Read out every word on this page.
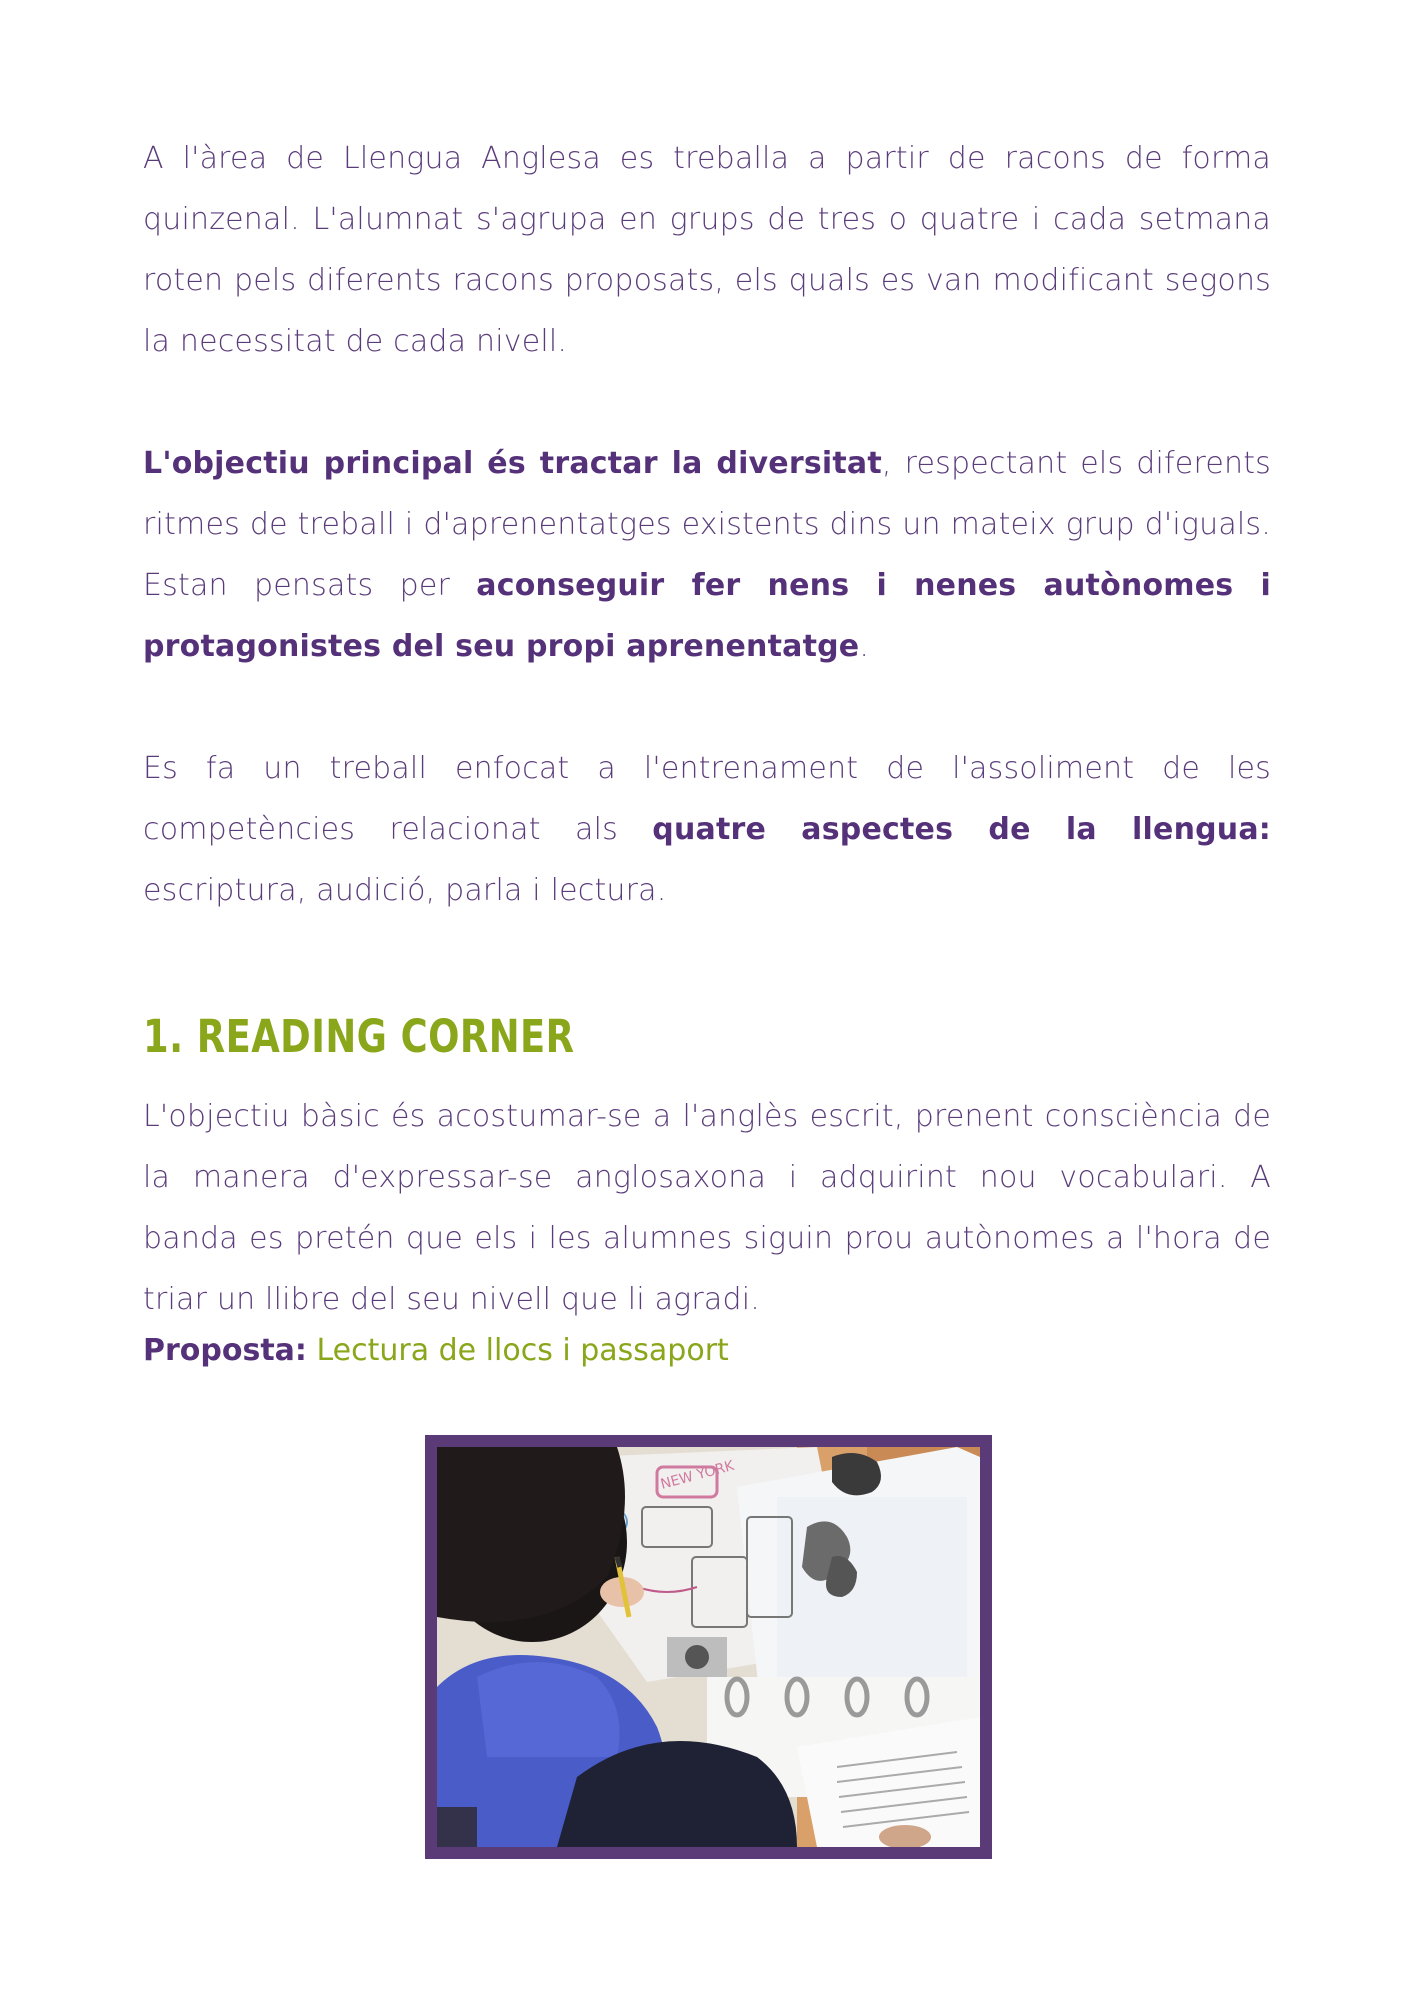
A l'àrea de Llengua Anglesa es treballa a partir de racons de forma quinzenal. L'alumnat s'agrupa en grups de tres o quatre i cada setmana roten pels diferents racons proposats, els quals es van modificant segons la necessitat de cada nivell.

L'objectiu principal és tractar la diversitat, respectant els diferents ritmes de treball i d'aprenentatges existents dins un mateix grup d'iguals. Estan pensats per aconseguir fer nens i nenes autònomes i protagonistes del seu propi aprenentatge.

Es fa un treball enfocat a l'entrenament de l'assoliment de les competències relacionat als quatre aspectes de la llengua: escriptura, audició, parla i lectura.

1. READING CORNER

L'objectiu bàsic és acostumar-se a l'anglès escrit, prenent consciència de la manera d'expressar-se anglosaxona i adquirint nou vocabulari. A banda es pretén que els i les alumnes siguin prou autònomes a l'hora de triar un llibre del seu nivell que li agradi.

Proposta: Lectura de llocs i passaport
NEW YORK
